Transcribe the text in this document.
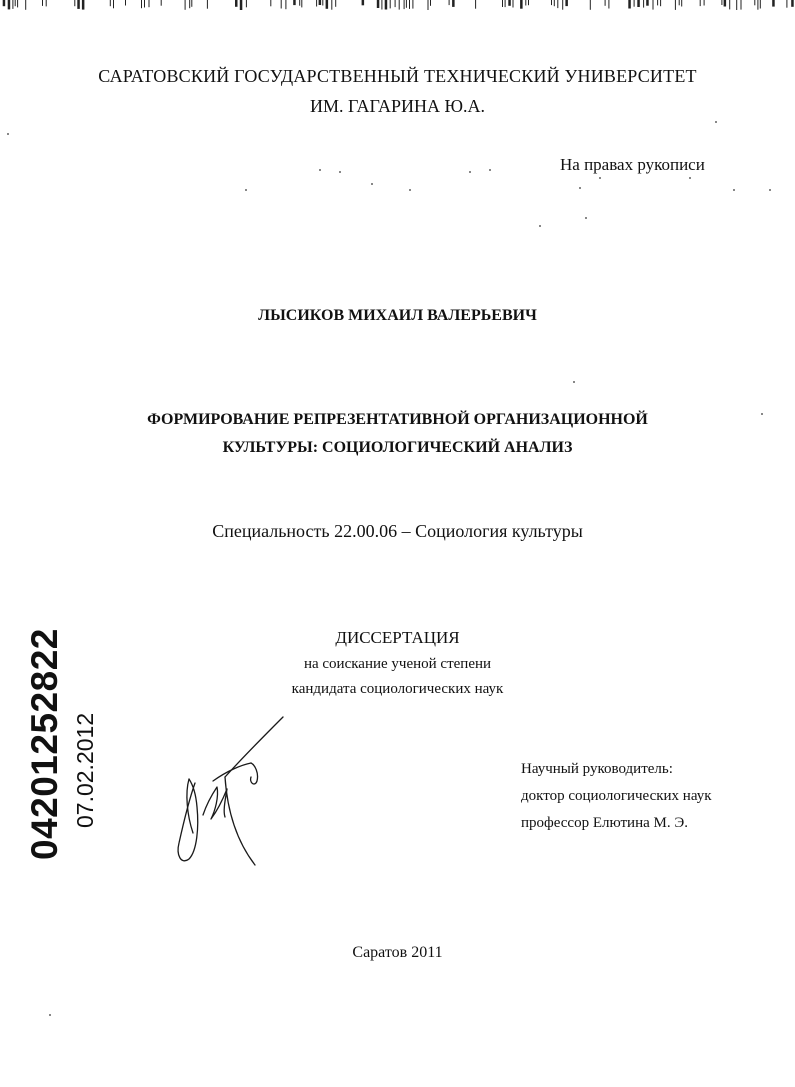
САРАТОВСКИЙ ГОСУДАРСТВЕННЫЙ ТЕХНИЧЕСКИЙ УНИВЕРСИТЕТ
ИМ. ГАГАРИНА Ю.А.
На правах рукописи
ЛЫСИКОВ МИХАИЛ ВАЛЕРЬЕВИЧ
ФОРМИРОВАНИЕ РЕПРЕЗЕНТАТИВНОЙ ОРГАНИЗАЦИОННОЙ
КУЛЬТУРЫ: СОЦИОЛОГИЧЕСКИЙ АНАЛИЗ
Специальность 22.00.06 – Социология культуры
ДИССЕРТАЦИЯ
на соискание ученой степени
кандидата социологических наук
Научный руководитель:
доктор социологических наук
профессор Елютина М. Э.
04201252822 07.02.2012
Саратов 2011
